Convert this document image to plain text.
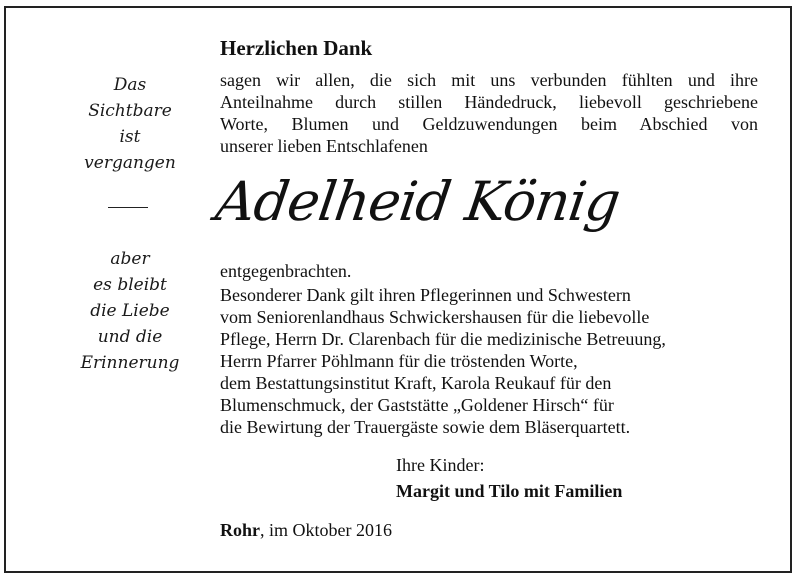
Das
Sichtbare
ist
vergangen
aber
es bleibt
die Liebe
und die
Erinnerung
Herzlichen Dank
sagen wir allen, die sich mit uns verbunden fühlten und ihre
Anteilnahme durch stillen Händedruck, liebevoll geschriebene
Worte, Blumen und Geldzuwendungen beim Abschied von
unserer lieben Entschlafenen
Adelheid König
entgegenbrachten.
Besonderer Dank gilt ihren Pflegerinnen und Schwestern
vom Seniorenlandhaus Schwickershausen für die liebevolle
Pflege, Herrn Dr. Clarenbach für die medizinische Betreuung,
Herrn Pfarrer Pöhlmann für die tröstenden Worte,
dem Bestattungsinstitut Kraft, Karola Reukauf für den
Blumenschmuck, der Gaststätte „Goldener Hirsch“ für
die Bewirtung der Trauergäste sowie dem Bläserquartett.
Ihre Kinder:
Margit und Tilo mit Familien
Rohr, im Oktober 2016
